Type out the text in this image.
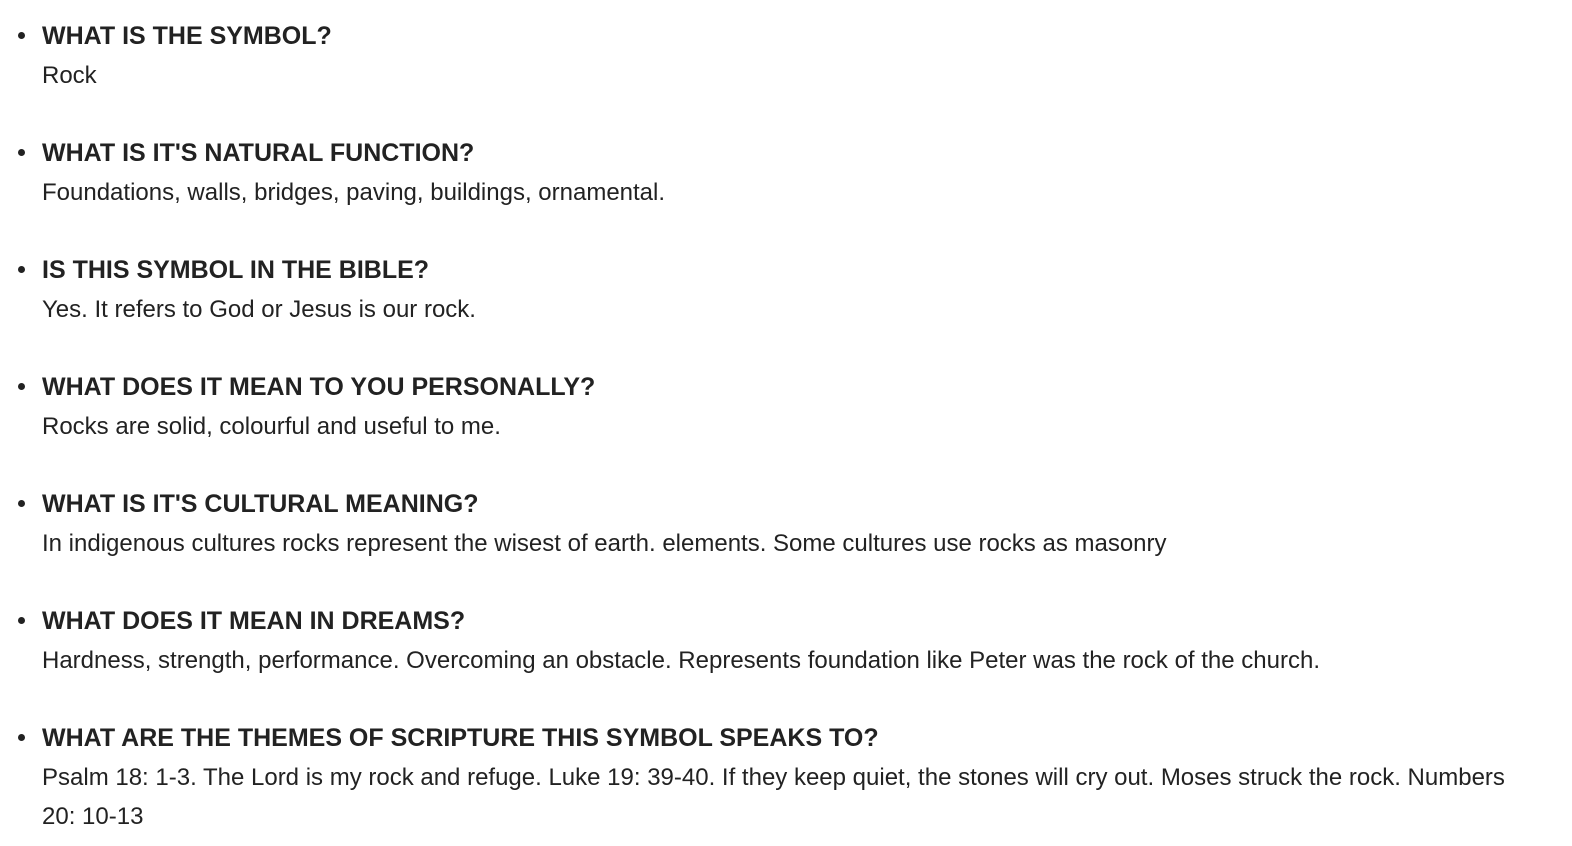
WHAT IS THE SYMBOL?
Rock
WHAT IS IT'S NATURAL FUNCTION?
Foundations, walls, bridges, paving, buildings, ornamental.
IS THIS SYMBOL IN THE BIBLE?
Yes. It refers to God or Jesus is our rock.
WHAT DOES IT MEAN TO YOU PERSONALLY?
Rocks are solid, colourful and useful to me.
WHAT IS IT'S CULTURAL MEANING?
In indigenous cultures rocks represent the wisest of earth. elements. Some cultures use rocks as masonry
WHAT DOES IT MEAN IN DREAMS?
Hardness, strength, performance. Overcoming an obstacle. Represents foundation like Peter was the rock of the church.
WHAT ARE THE THEMES OF SCRIPTURE THIS SYMBOL SPEAKS TO?
Psalm 18: 1-3. The Lord is my rock and refuge. Luke 19: 39-40. If they keep quiet, the stones will cry out. Moses struck the rock. Numbers 20: 10-13
